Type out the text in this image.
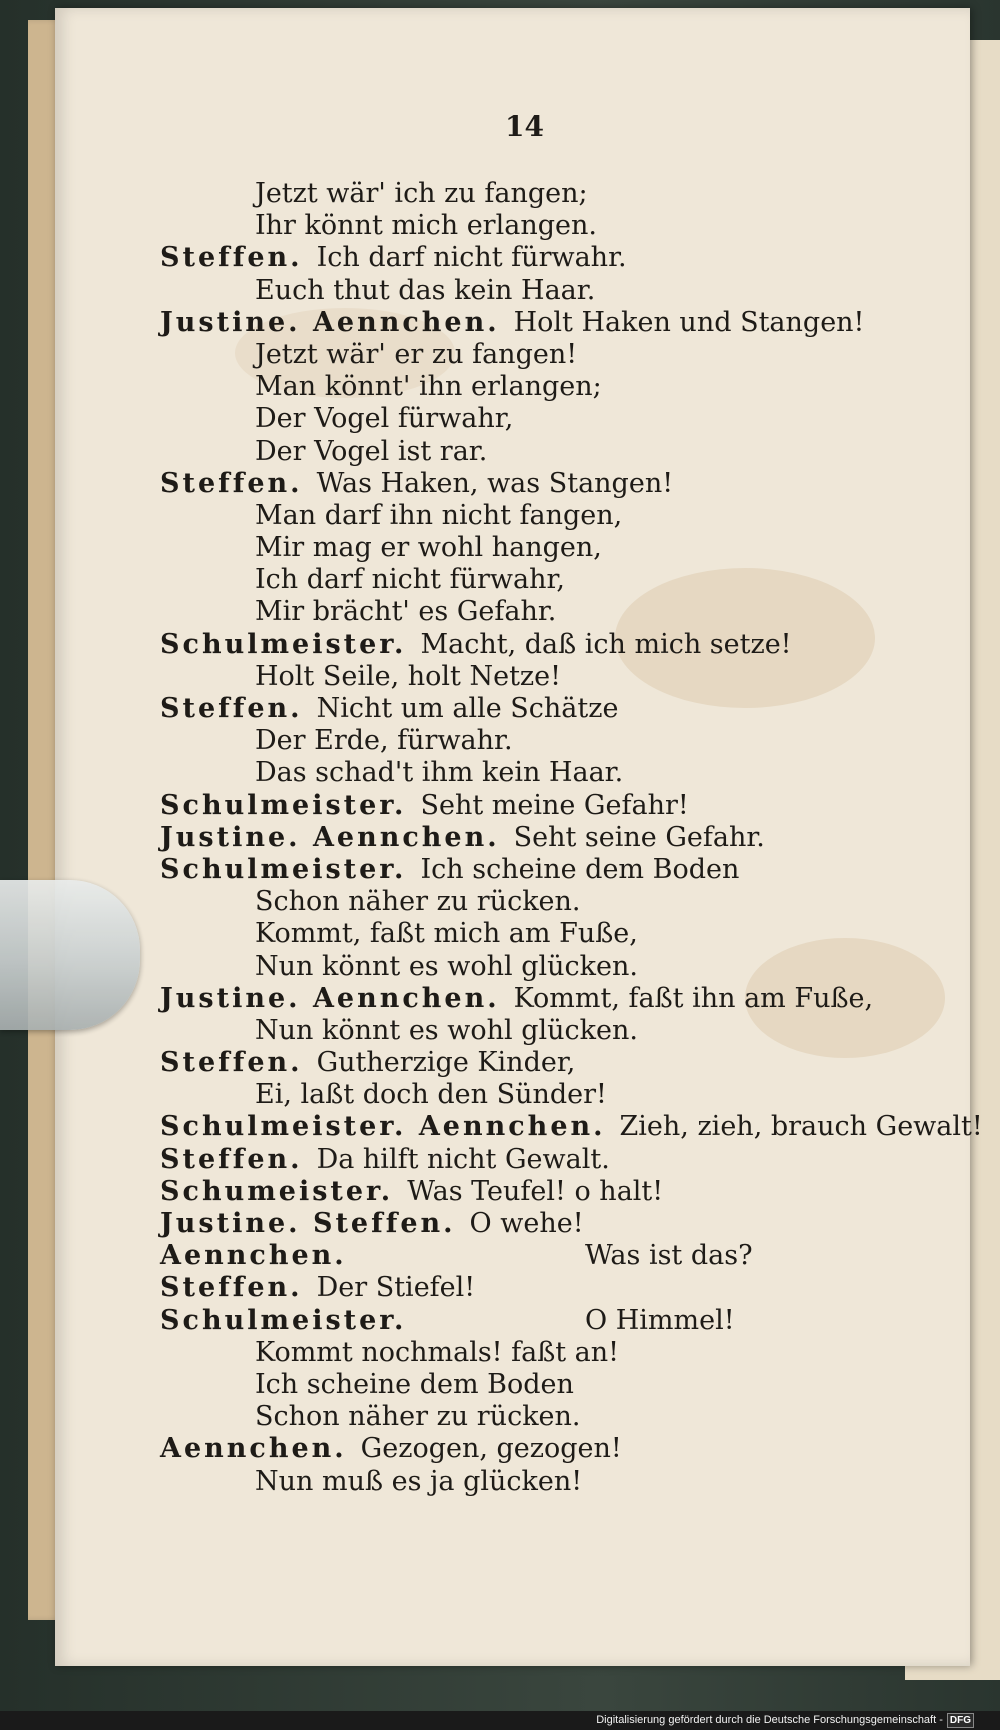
14
Jetzt wär' ich zu fangen;
Ihr könnt mich erlangen.
Steffen. Ich darf nicht fürwahr.
Euch thut das kein Haar.
Justine. Aennchen. Holt Haken und Stangen!
Jetzt wär' er zu fangen!
Man könnt' ihn erlangen;
Der Vogel fürwahr,
Der Vogel ist rar.
Steffen. Was Haken, was Stangen!
Man darf ihn nicht fangen,
Mir mag er wohl hangen,
Ich darf nicht fürwahr,
Mir brächt' es Gefahr.
Schulmeister. Macht, daß ich mich setze!
Holt Seile, holt Netze!
Steffen. Nicht um alle Schätze
Der Erde, fürwahr.
Das schad't ihm kein Haar.
Schulmeister. Seht meine Gefahr!
Justine. Aennchen. Seht seine Gefahr.
Schulmeister. Ich scheine dem Boden
Schon näher zu rücken.
Kommt, faßt mich am Fuße,
Nun könnt es wohl glücken.
Justine. Aennchen. Kommt, faßt ihn am Fuße,
Nun könnt es wohl glücken.
Steffen. Gutherzige Kinder,
Ei, laßt doch den Sünder!
Schulmeister. Aennchen. Zieh, zieh, brauch Gewalt!
Steffen. Da hilft nicht Gewalt.
Schumeister. Was Teufel! o halt!
Justine. Steffen. O wehe!
Aennchen.	Was ist das?
Steffen. Der Stiefel!
Schulmeister.	O Himmel!
Kommt nochmals! faßt an!
Ich scheine dem Boden
Schon näher zu rücken.
Aennchen. Gezogen, gezogen!
Nun muß es ja glücken!
Digitalisierung gefördert durch die Deutsche Forschungsgemeinschaft - DFG
